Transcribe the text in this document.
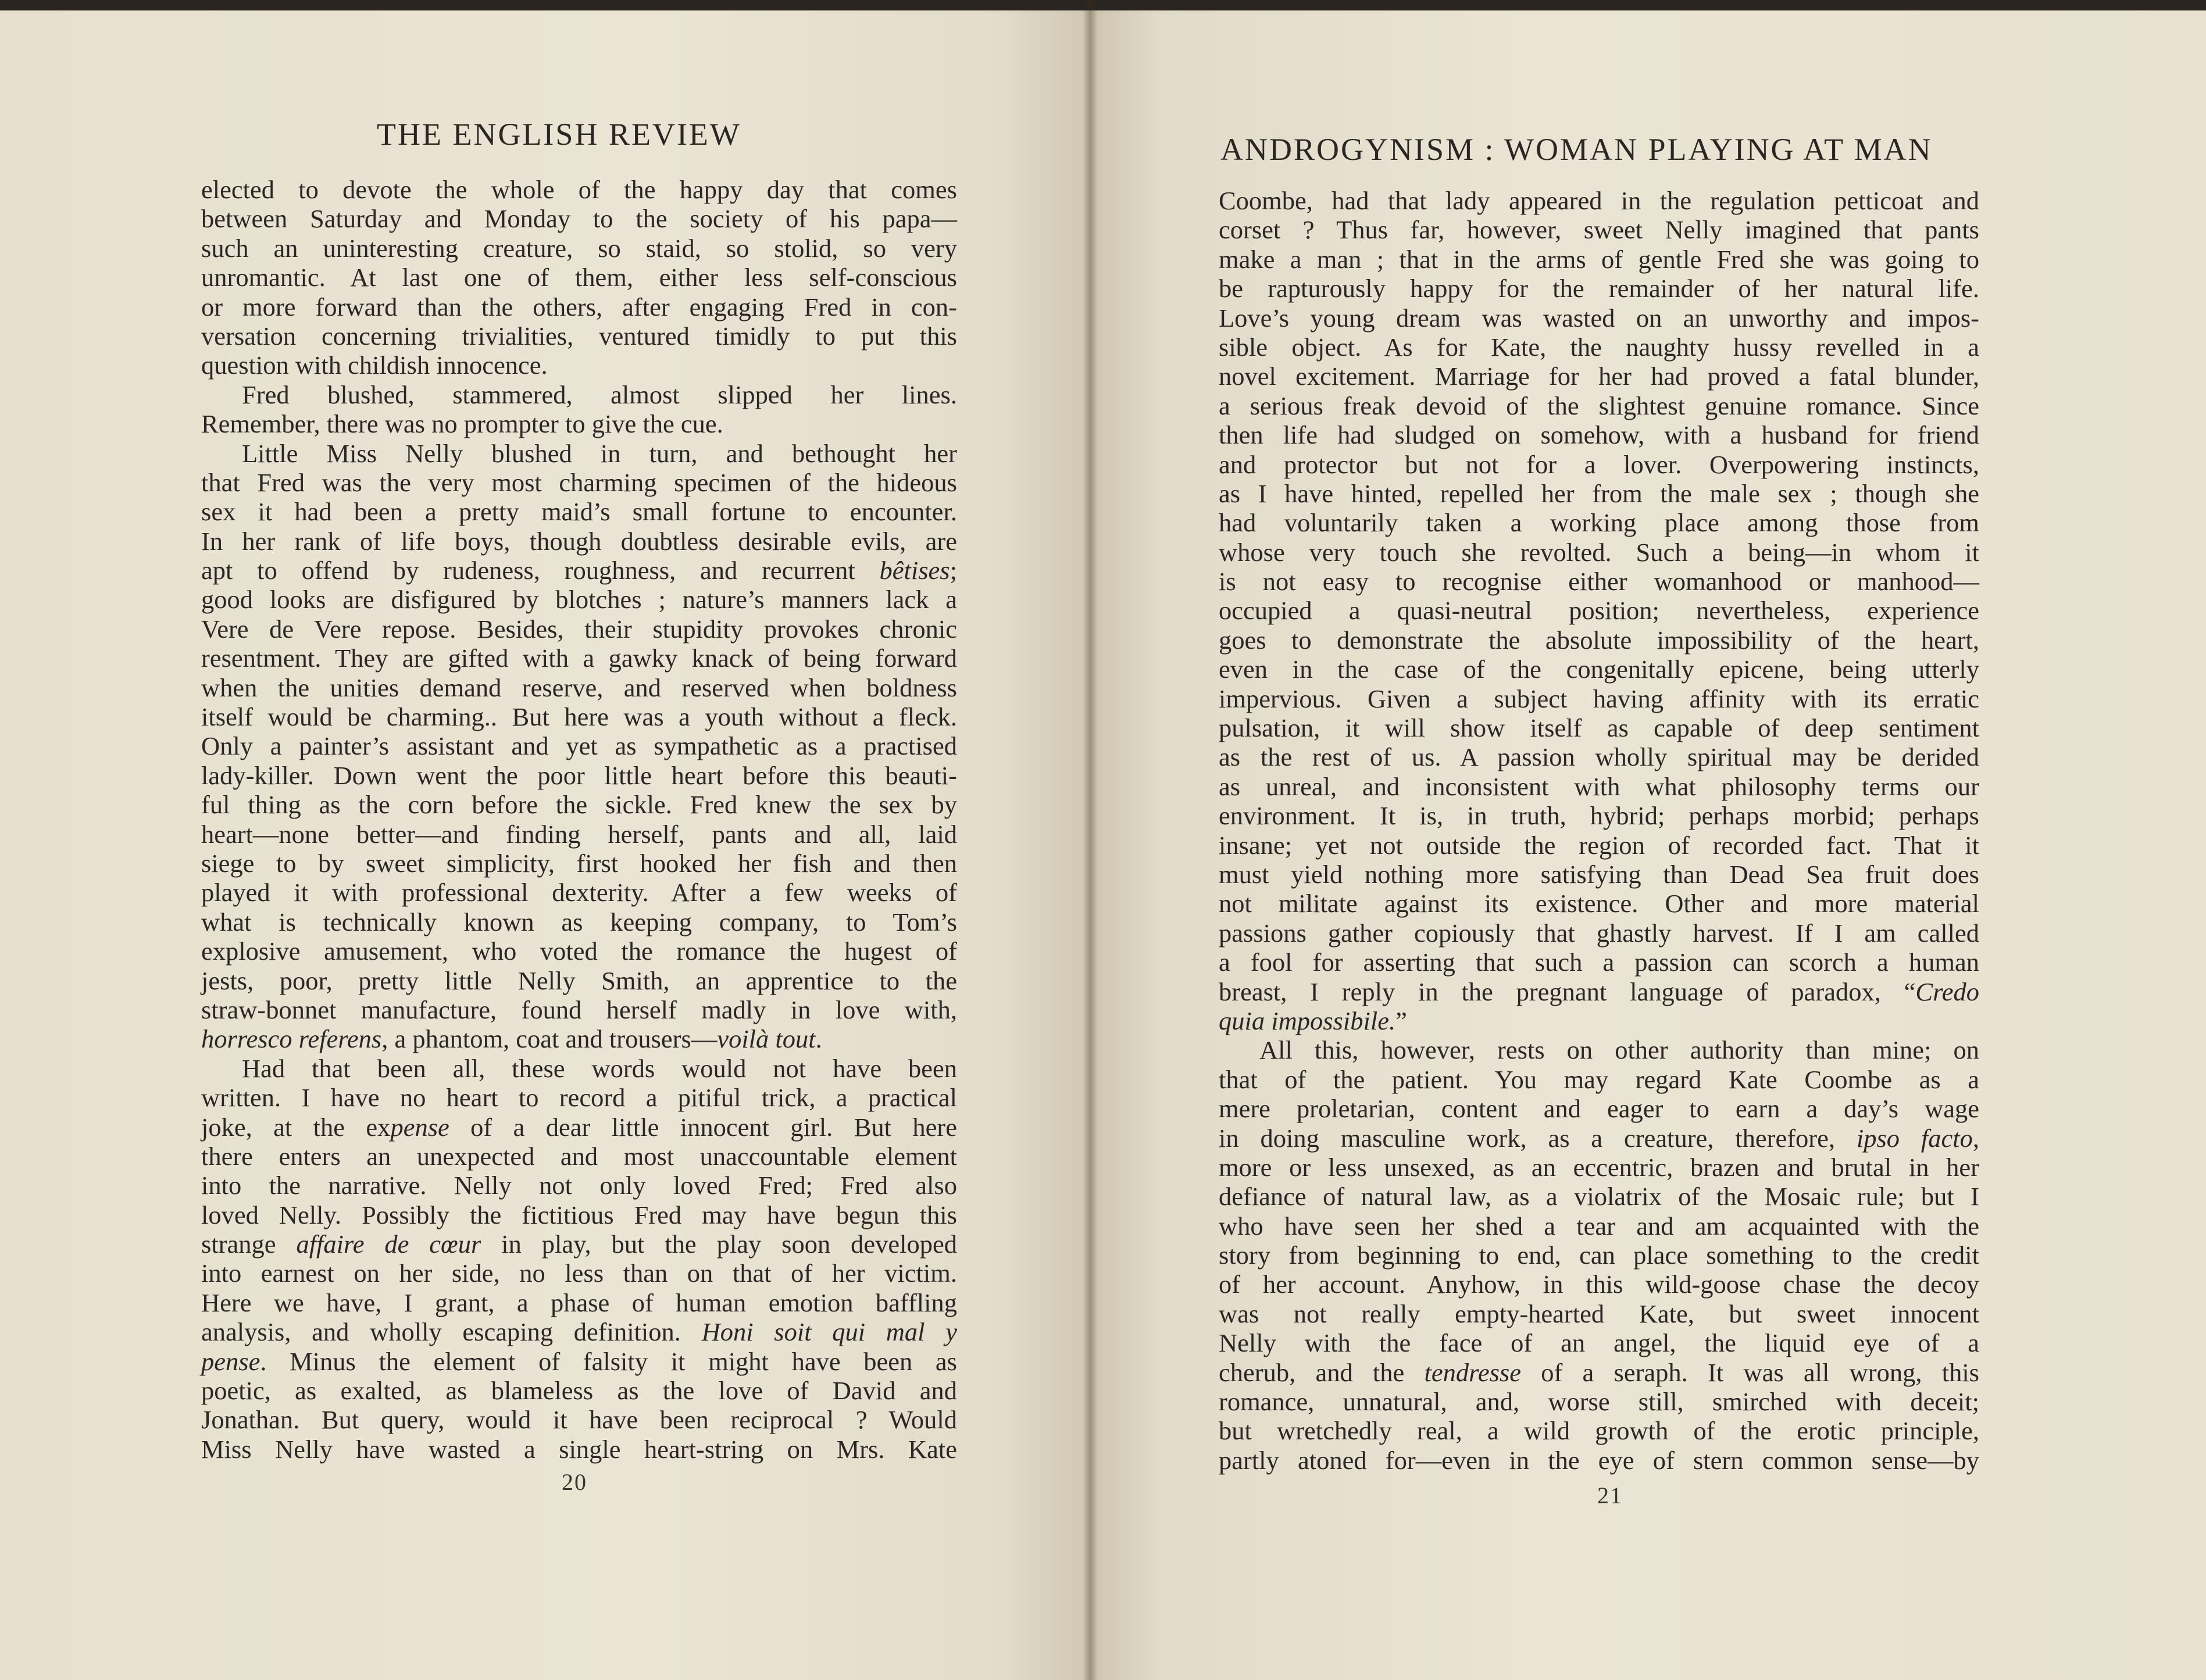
THE ENGLISH REVIEW
elected to devote the whole of the happy day that comes
between Saturday and Monday to the society of his papa—
such an uninteresting creature, so staid, so stolid, so very
unromantic. At last one of them, either less self-conscious
or more forward than the others, after engaging Fred in con-
versation concerning trivialities, ventured timidly to put this
question with childish innocence.
Fred blushed, stammered, almost slipped her lines.
Remember, there was no prompter to give the cue.
Little Miss Nelly blushed in turn, and bethought her
that Fred was the very most charming specimen of the hideous
sex it had been a pretty maid’s small fortune to encounter.
In her rank of life boys, though doubtless desirable evils, are
apt to offend by rudeness, roughness, and recurrent bêtises;
good looks are disfigured by blotches ; nature’s manners lack a
Vere de Vere repose. Besides, their stupidity provokes chronic
resentment. They are gifted with a gawky knack of being forward
when the unities demand reserve, and reserved when boldness
itself would be charming.. But here was a youth without a fleck.
Only a painter’s assistant and yet as sympathetic as a practised
lady-killer. Down went the poor little heart before this beauti-
ful thing as the corn before the sickle. Fred knew the sex by
heart—none better—and finding herself, pants and all, laid
siege to by sweet simplicity, first hooked her fish and then
played it with professional dexterity. After a few weeks of
what is technically known as keeping company, to Tom’s
explosive amusement, who voted the romance the hugest of
jests, poor, pretty little Nelly Smith, an apprentice to the
straw-bonnet manufacture, found herself madly in love with,
horresco referens, a phantom, coat and trousers—voilà tout.
Had that been all, these words would not have been
written. I have no heart to record a pitiful trick, a practical
joke, at the expense of a dear little innocent girl. But here
there enters an unexpected and most unaccountable element
into the narrative. Nelly not only loved Fred; Fred also
loved Nelly. Possibly the fictitious Fred may have begun this
strange affaire de cœur in play, but the play soon developed
into earnest on her side, no less than on that of her victim.
Here we have, I grant, a phase of human emotion baffling
analysis, and wholly escaping definition. Honi soit qui mal y
pense. Minus the element of falsity it might have been as
poetic, as exalted, as blameless as the love of David and
Jonathan. But query, would it have been reciprocal ? Would
Miss Nelly have wasted a single heart-string on Mrs. Kate
20
ANDROGYNISM : WOMAN PLAYING AT MAN
Coombe, had that lady appeared in the regulation petticoat and
corset ? Thus far, however, sweet Nelly imagined that pants
make a man ; that in the arms of gentle Fred she was going to
be rapturously happy for the remainder of her natural life.
Love’s young dream was wasted on an unworthy and impos-
sible object. As for Kate, the naughty hussy revelled in a
novel excitement. Marriage for her had proved a fatal blunder,
a serious freak devoid of the slightest genuine romance. Since
then life had sludged on somehow, with a husband for friend
and protector but not for a lover. Overpowering instincts,
as I have hinted, repelled her from the male sex ; though she
had voluntarily taken a working place among those from
whose very touch she revolted. Such a being—in whom it
is not easy to recognise either womanhood or manhood—
occupied a quasi-neutral position; nevertheless, experience
goes to demonstrate the absolute impossibility of the heart,
even in the case of the congenitally epicene, being utterly
impervious. Given a subject having affinity with its erratic
pulsation, it will show itself as capable of deep sentiment
as the rest of us. A passion wholly spiritual may be derided
as unreal, and inconsistent with what philosophy terms our
environment. It is, in truth, hybrid; perhaps morbid; perhaps
insane; yet not outside the region of recorded fact. That it
must yield nothing more satisfying than Dead Sea fruit does
not militate against its existence. Other and more material
passions gather copiously that ghastly harvest. If I am called
a fool for asserting that such a passion can scorch a human
breast, I reply in the pregnant language of paradox, “Credo
quia impossibile.”
All this, however, rests on other authority than mine; on
that of the patient. You may regard Kate Coombe as a
mere proletarian, content and eager to earn a day’s wage
in doing masculine work, as a creature, therefore, ipso facto,
more or less unsexed, as an eccentric, brazen and brutal in her
defiance of natural law, as a violatrix of the Mosaic rule; but I
who have seen her shed a tear and am acquainted with the
story from beginning to end, can place something to the credit
of her account. Anyhow, in this wild-goose chase the decoy
was not really empty-hearted Kate, but sweet innocent
Nelly with the face of an angel, the liquid eye of a
cherub, and the tendresse of a seraph. It was all wrong, this
romance, unnatural, and, worse still, smirched with deceit;
but wretchedly real, a wild growth of the erotic principle,
partly atoned for—even in the eye of stern common sense—by
21
